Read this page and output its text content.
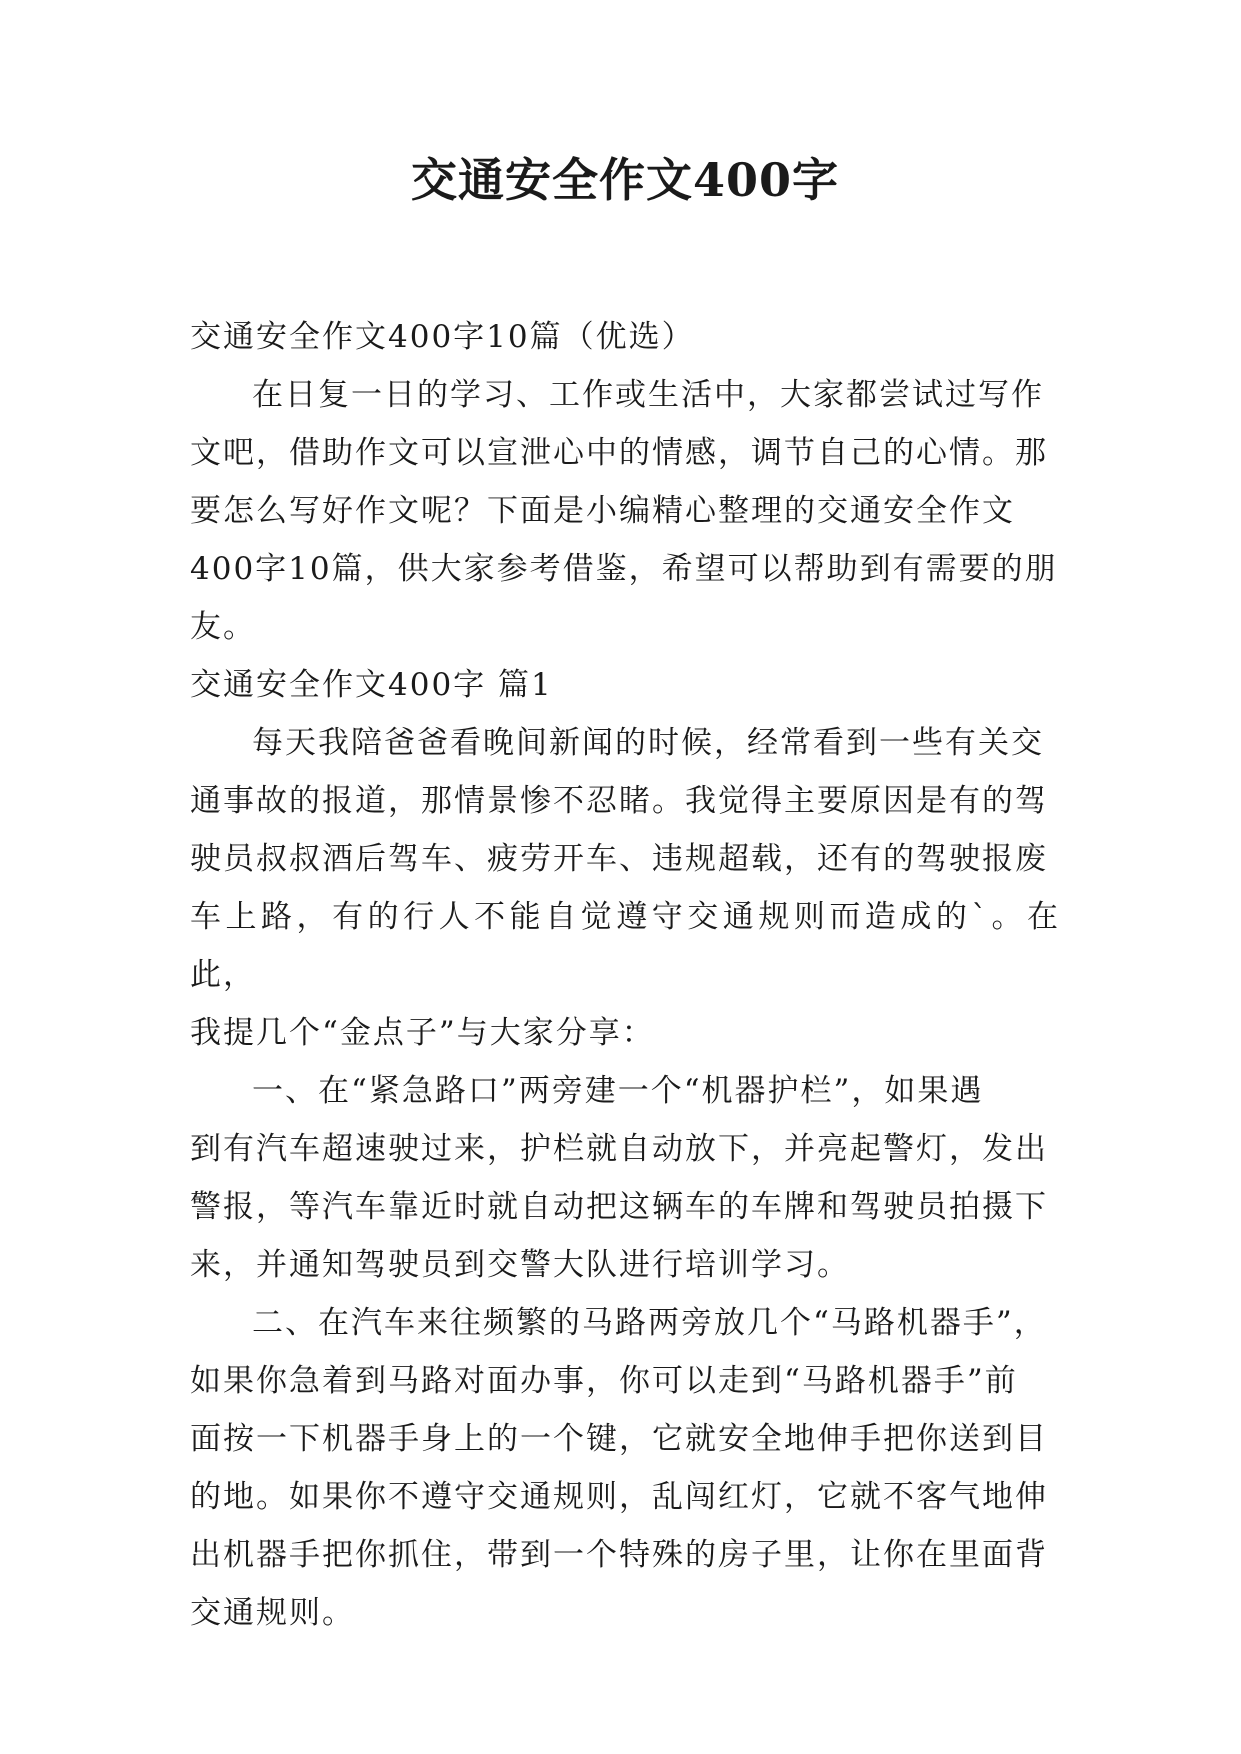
交通安全作文400字

交通安全作文400字10篇（优选）

在日复一日的学习、工作或生活中，大家都尝试过写作
文吧，借助作文可以宣泄心中的情感，调节自己的心情。那
要怎么写好作文呢？下面是小编精心整理的交通安全作文
400字10篇，供大家参考借鉴，希望可以帮助到有需要的朋
友。

交通安全作文400字 篇1

每天我陪爸爸看晚间新闻的时候，经常看到一些有关交
通事故的报道，那情景惨不忍睹。我觉得主要原因是有的驾
驶员叔叔酒后驾车、疲劳开车、违规超载，还有的驾驶报废
车上路，有的行人不能自觉遵守交通规则而造成的`。在此，
我提几个“金点子”与大家分享：

一、在“紧急路口”两旁建一个“机器护栏”，如果遇
到有汽车超速驶过来，护栏就自动放下，并亮起警灯，发出
警报，等汽车靠近时就自动把这辆车的车牌和驾驶员拍摄下
来，并通知驾驶员到交警大队进行培训学习。

二、在汽车来往频繁的马路两旁放几个“马路机器手”，
如果你急着到马路对面办事，你可以走到“马路机器手”前
面按一下机器手身上的一个键，它就安全地伸手把你送到目
的地。如果你不遵守交通规则，乱闯红灯，它就不客气地伸
出机器手把你抓住，带到一个特殊的房子里，让你在里面背
交通规则。
